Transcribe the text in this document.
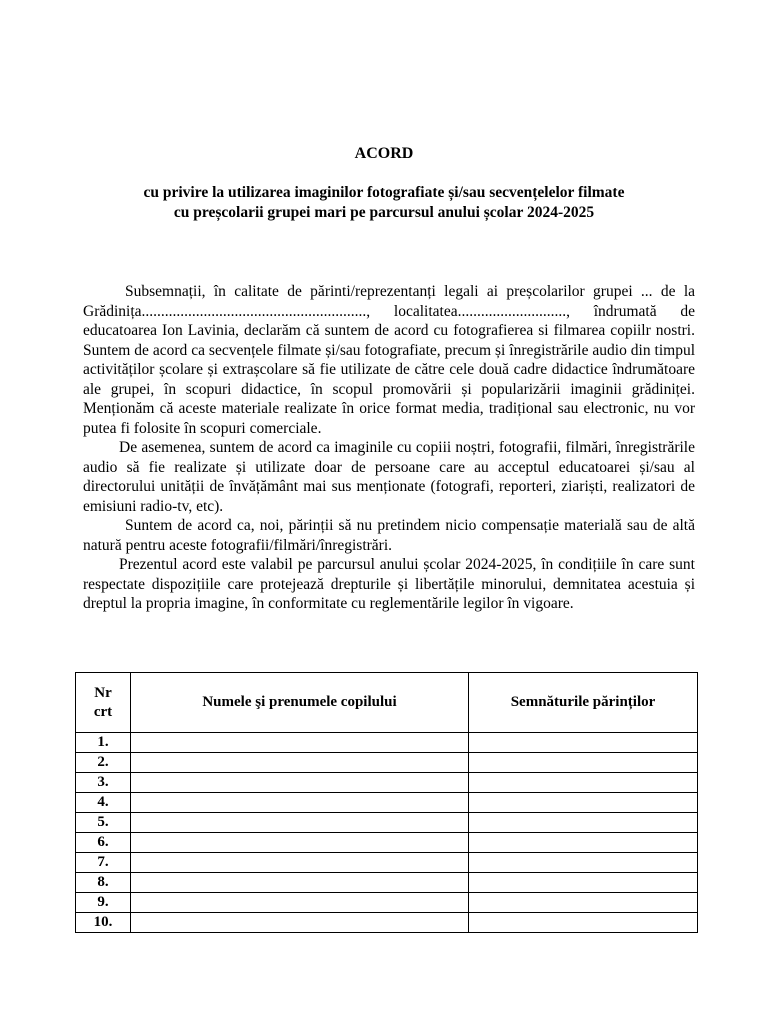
ACORD
cu privire la utilizarea imaginilor fotografiate și/sau secvențelelor filmate
cu preșcolarii grupei mari pe parcursul anului școlar 2024-2025

Subsemnații, în calitate de părinti/reprezentanți legali ai preșcolarilor grupei ... de la Grădinița.........................................................., localitatea............................, îndrumată de educatoarea Ion Lavinia, declarăm că suntem de acord cu fotografierea si filmarea copiilr nostri. Suntem de acord ca secvențele filmate și/sau fotografiate, precum și înregistrările audio din timpul activităților școlare și extrașcolare să fie utilizate de către cele două cadre didactice îndrumătoare ale grupei, în scopuri didactice, în scopul promovării și popularizării imaginii grădiniței. Menționăm că aceste materiale realizate în orice format media, tradițional sau electronic, nu vor putea fi folosite în scopuri comerciale.

De asemenea, suntem de acord ca imaginile cu copiii noștri, fotografii, filmări, înregistrările audio să fie realizate și utilizate doar de persoane care au acceptul educatoarei și/sau al directorului unității de învățământ mai sus menționate (fotografi, reporteri, ziariști, realizatori de emisiuni radio-tv, etc).

Suntem de acord ca, noi, părinții să nu pretindem nicio compensație materială sau de altă natură pentru aceste fotografii/filmări/înregistrări.

Prezentul acord este valabil pe parcursul anului școlar 2024-2025, în condițiile în care sunt respectate dispozițiile care protejează drepturile și libertățile minorului, demnitatea acestuia și dreptul la propria imagine, în conformitate cu reglementările legilor în vigoare.

Nr
crt	Numele şi prenumele copilului	Semnăturile părinților
1.		
2.		
3.		
4.		
5.		
6.		
7.		
8.		
9.		
10.		
